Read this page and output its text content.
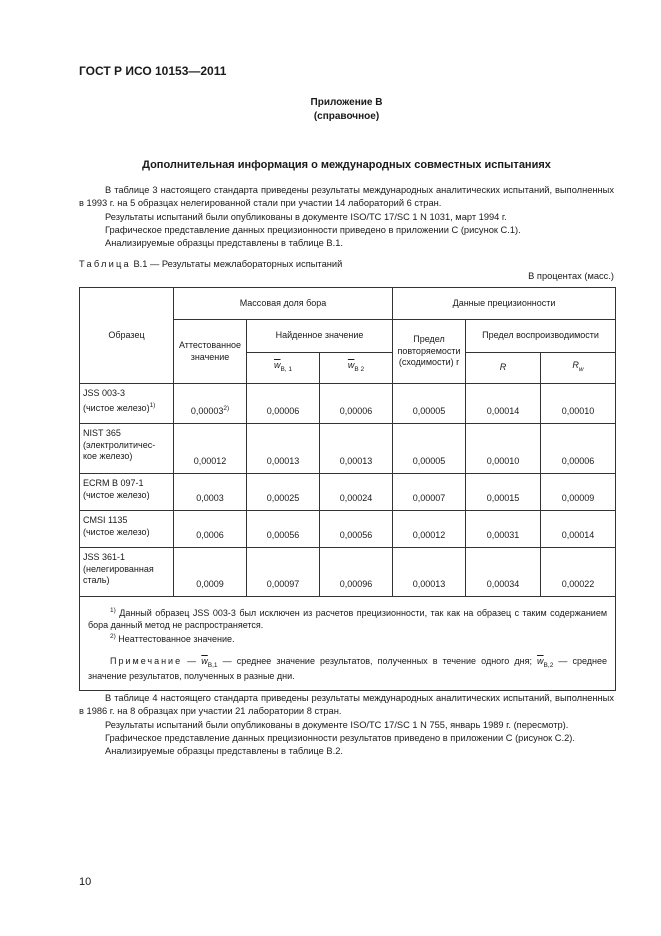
ГОСТ Р ИСО 10153—2011
Приложение В
(справочное)
Дополнительная информация о международных совместных испытаниях

В таблице 3 настоящего стандарта приведены результаты международных аналитических испытаний, выполненных в 1993 г. на 5 образцах нелегированной стали при участии 14 лабораторий 6 стран.

Результаты испытаний были опубликованы в документе ISO/TC 17/SC 1 N 1031, март 1994 г.

Графическое представление данных прецизионности приведено в приложении С (рисунок С.1).

Анализируемые образцы представлены в таблице В.1.

Таблица В.1 — Результаты межлабораторных испытаний
В процентах (масс.)
Образец	Массовая доля бора			Данные прецизионности		
	Аттестованное значение	Найденное значение		Предел повторяемости (сходимости) r	Предел воспроизводимости	
		$\overline{w}_{B, 1}$	$\overline{w}_{B 2}$		R	$R_w$

JSS 003-3
(чистое железо)$^{1)}$	0,00003$^{2)}$	0,00006	0,00006	0,00005	0,00014	0,00010

NIST 365
(электролитичес-
кое железо)	0,00012	0,00013	0,00013	0,00005	0,00010	0,00006

ECRM B 097-1
(чистое железо)	0,0003	0,00025	0,00024	0,00007	0,00015	0,00009

CMSI 1135
(чистое железо)	0,0006	0,00056	0,00056	0,00012	0,00031	0,00014

JSS 361-1
(нелегированная
сталь)	0,0009	0,00097	0,00096	0,00013	0,00034	0,00022

$^{1)}$ Данный образец JSS 003-3 был исключен из расчетов прецизионности, так как на образец с таким содержанием бора данный метод не распространяется.

$^{2)}$ Неаттестованное значение.

Примечание — $\overline{w}_{B,1}$ — среднее значение результатов, полученных в течение одного дня; $\overline{w}_{B,2}$ — среднее значение результатов, полученных в разные дни.						

В таблице 4 настоящего стандарта приведены результаты международных аналитических испытаний, выполненных в 1986 г. на 8 образцах при участии 21 лаборатории 8 стран.

Результаты испытаний были опубликованы в документе ISO/TC 17/SC 1 N 755, январь 1989 г. (пересмотр).

Графическое представление данных прецизионности результатов приведено в приложении С (рисунок С.2).

Анализируемые образцы представлены в таблице В.2.

10
